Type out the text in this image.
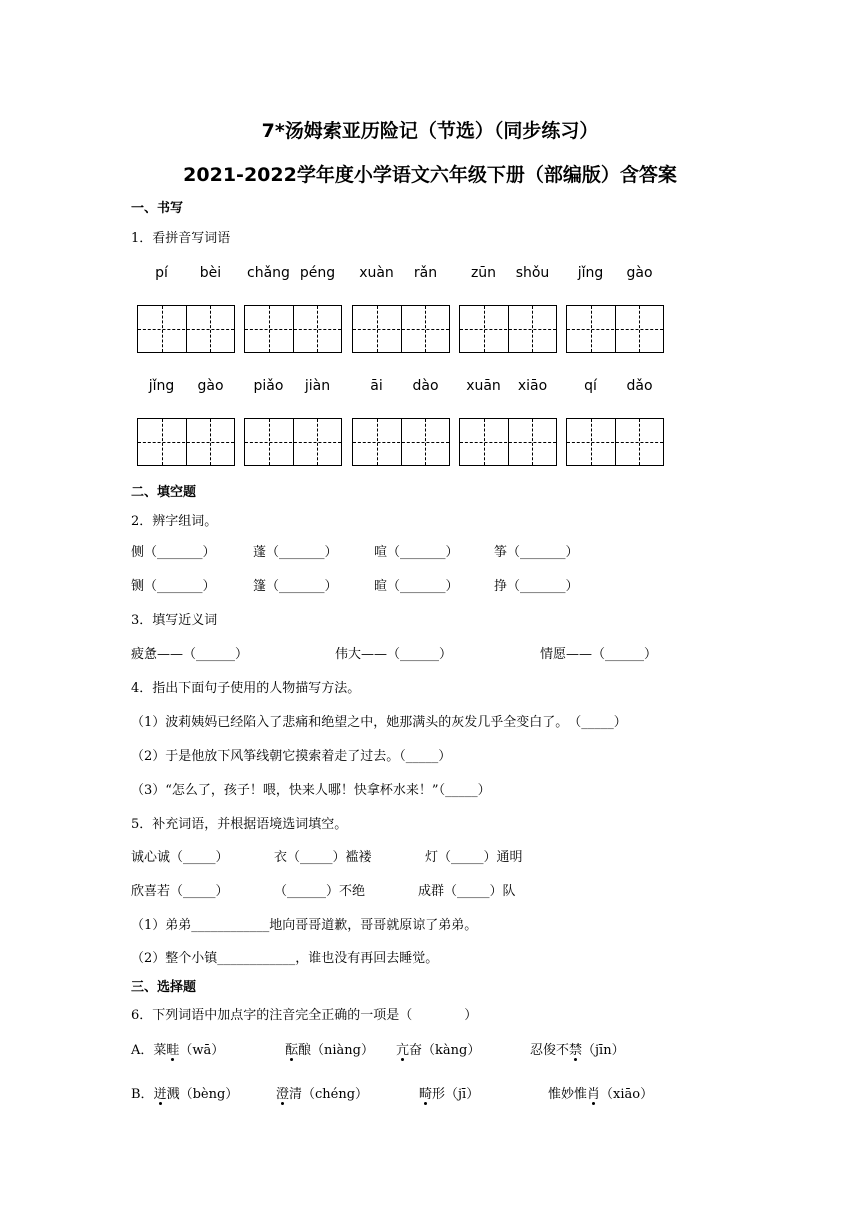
7*汤姆索亚历险记（节选）（同步练习）
2021-2022学年度小学语文六年级下册（部编版）含答案
一、书写
1．看拼音写词语
pí	bèi	chǎng péng	xuàn	rǎn	zūn	shǒu	jǐng	gào
jǐng	gào	piǎo	jiàn	āi	dào	xuān	xiāo	qí	dǎo
二、填空题
2．辨字组词。
侧（_______）	蓬（_______）	喧（_______）	筝（_______）
铡（_______）	篷（_______）	暄（_______）	挣（_______）
3．填写近义词
疲惫——（______）	伟大——（______）	情愿——（______）
4．指出下面句子使用的人物描写方法。
（1）波莉姨妈已经陷入了悲痛和绝望之中，她那满头的灰发几乎全变白了。　（_____）
（2）于是他放下风筝线朝它摸索着走了过去。（_____）
（3）“怎么了，孩子！喂，快来人哪！快拿杯水来！”（_____）
5．补充词语，并根据语境选词填空。
诚心诚（_____）	衣（_____）褴褛	灯（_____）通明
欣喜若（_____）	（______）不绝	成群（_____）队
（1）弟弟____________地向哥哥道歉，哥哥就原谅了弟弟。
（2）整个小镇____________，谁也没有再回去睡觉。
三、选择题
6．下列词语中加点字的注音完全正确的一项是（　　　　）
A．菜畦（wā）	酝酿（niàng） 亢奋（kàng）	忍俊不禁（jīn）
B．迸溅（bèng）	澄清（chéng）	畸形（jī）	惟妙惟肖（xiāo）
